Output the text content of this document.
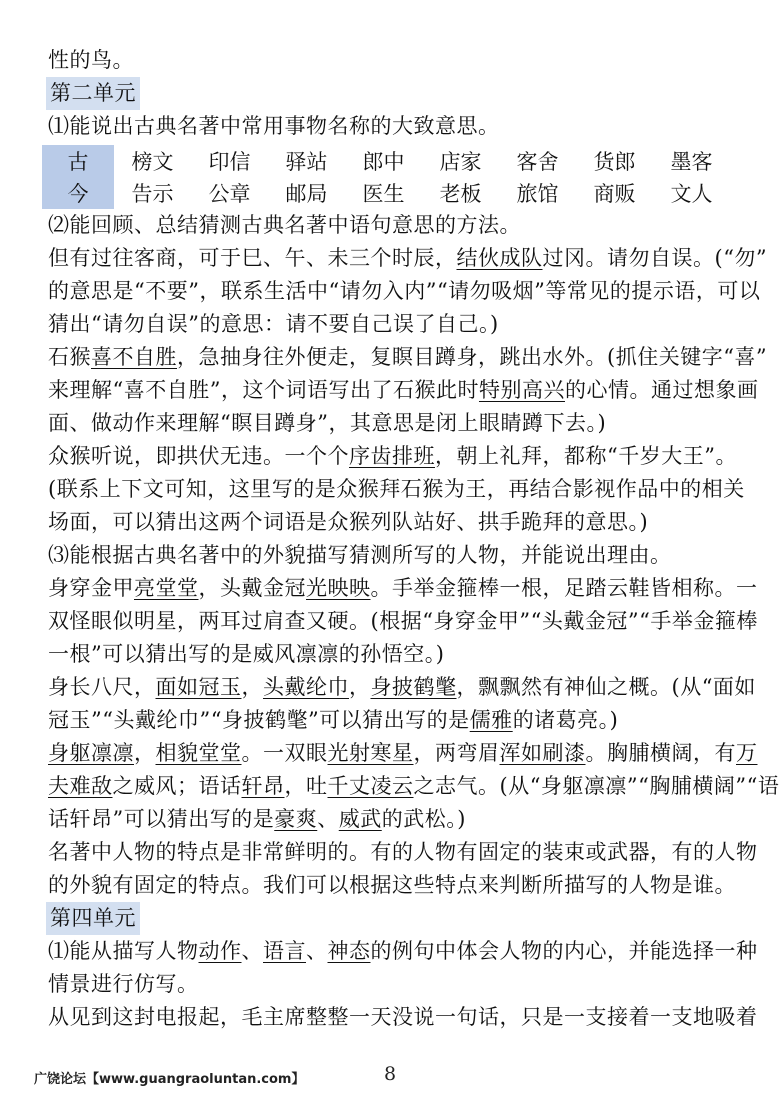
性的鸟。
第二单元
⑴能说出古典名著中常用事物名称的大致意思。
古	榜文	印信	驿站	郎中	店家	客舍	货郎	墨客
今	告示	公章	邮局	医生	老板	旅馆	商贩	文人
⑵能回顾、总结猜测古典名著中语句意思的方法。
但有过往客商，可于巳、午、未三个时辰，结伙成队过冈。请勿自误。(“勿”
的意思是“不要”，联系生活中“请勿入内”“请勿吸烟”等常见的提示语，可以
猜出“请勿自误”的意思：请不要自己误了自己。)
石猴喜不自胜，急抽身往外便走，复瞑目蹲身，跳出水外。(抓住关键字“喜”
来理解“喜不自胜”，这个词语写出了石猴此时特别高兴的心情。通过想象画
面、做动作来理解“瞑目蹲身”，其意思是闭上眼睛蹲下去。)
众猴听说，即拱伏无违。一个个序齿排班，朝上礼拜，都称“千岁大王”。
(联系上下文可知，这里写的是众猴拜石猴为王，再结合影视作品中的相关
场面，可以猜出这两个词语是众猴列队站好、拱手跪拜的意思。)
⑶能根据古典名著中的外貌描写猜测所写的人物，并能说出理由。
身穿金甲亮堂堂，头戴金冠光映映。手举金箍棒一根，足踏云鞋皆相称。一
双怪眼似明星，两耳过肩查又硬。(根据“身穿金甲”“头戴金冠”“手举金箍棒
一根”可以猜出写的是威风凛凛的孙悟空。)
身长八尺，面如冠玉，头戴纶巾，身披鹤氅，飘飘然有神仙之概。(从“面如
冠玉”“头戴纶巾”“身披鹤氅”可以猜出写的是儒雅的诸葛亮。)
身躯凛凛，相貌堂堂。一双眼光射寒星，两弯眉浑如刷漆。胸脯横阔，有万
夫难敌之威风；语话轩昂，吐千丈凌云之志气。(从“身躯凛凛”“胸脯横阔”“语
话轩昂”可以猜出写的是豪爽、威武的武松。)
名著中人物的特点是非常鲜明的。有的人物有固定的装束或武器，有的人物
的外貌有固定的特点。我们可以根据这些特点来判断所描写的人物是谁。
第四单元
⑴能从描写人物动作、语言、神态的例句中体会人物的内心，并能选择一种
情景进行仿写。
从见到这封电报起，毛主席整整一天没说一句话，只是一支接着一支地吸着
广饶论坛【www.guangraoluntan.com】	8
